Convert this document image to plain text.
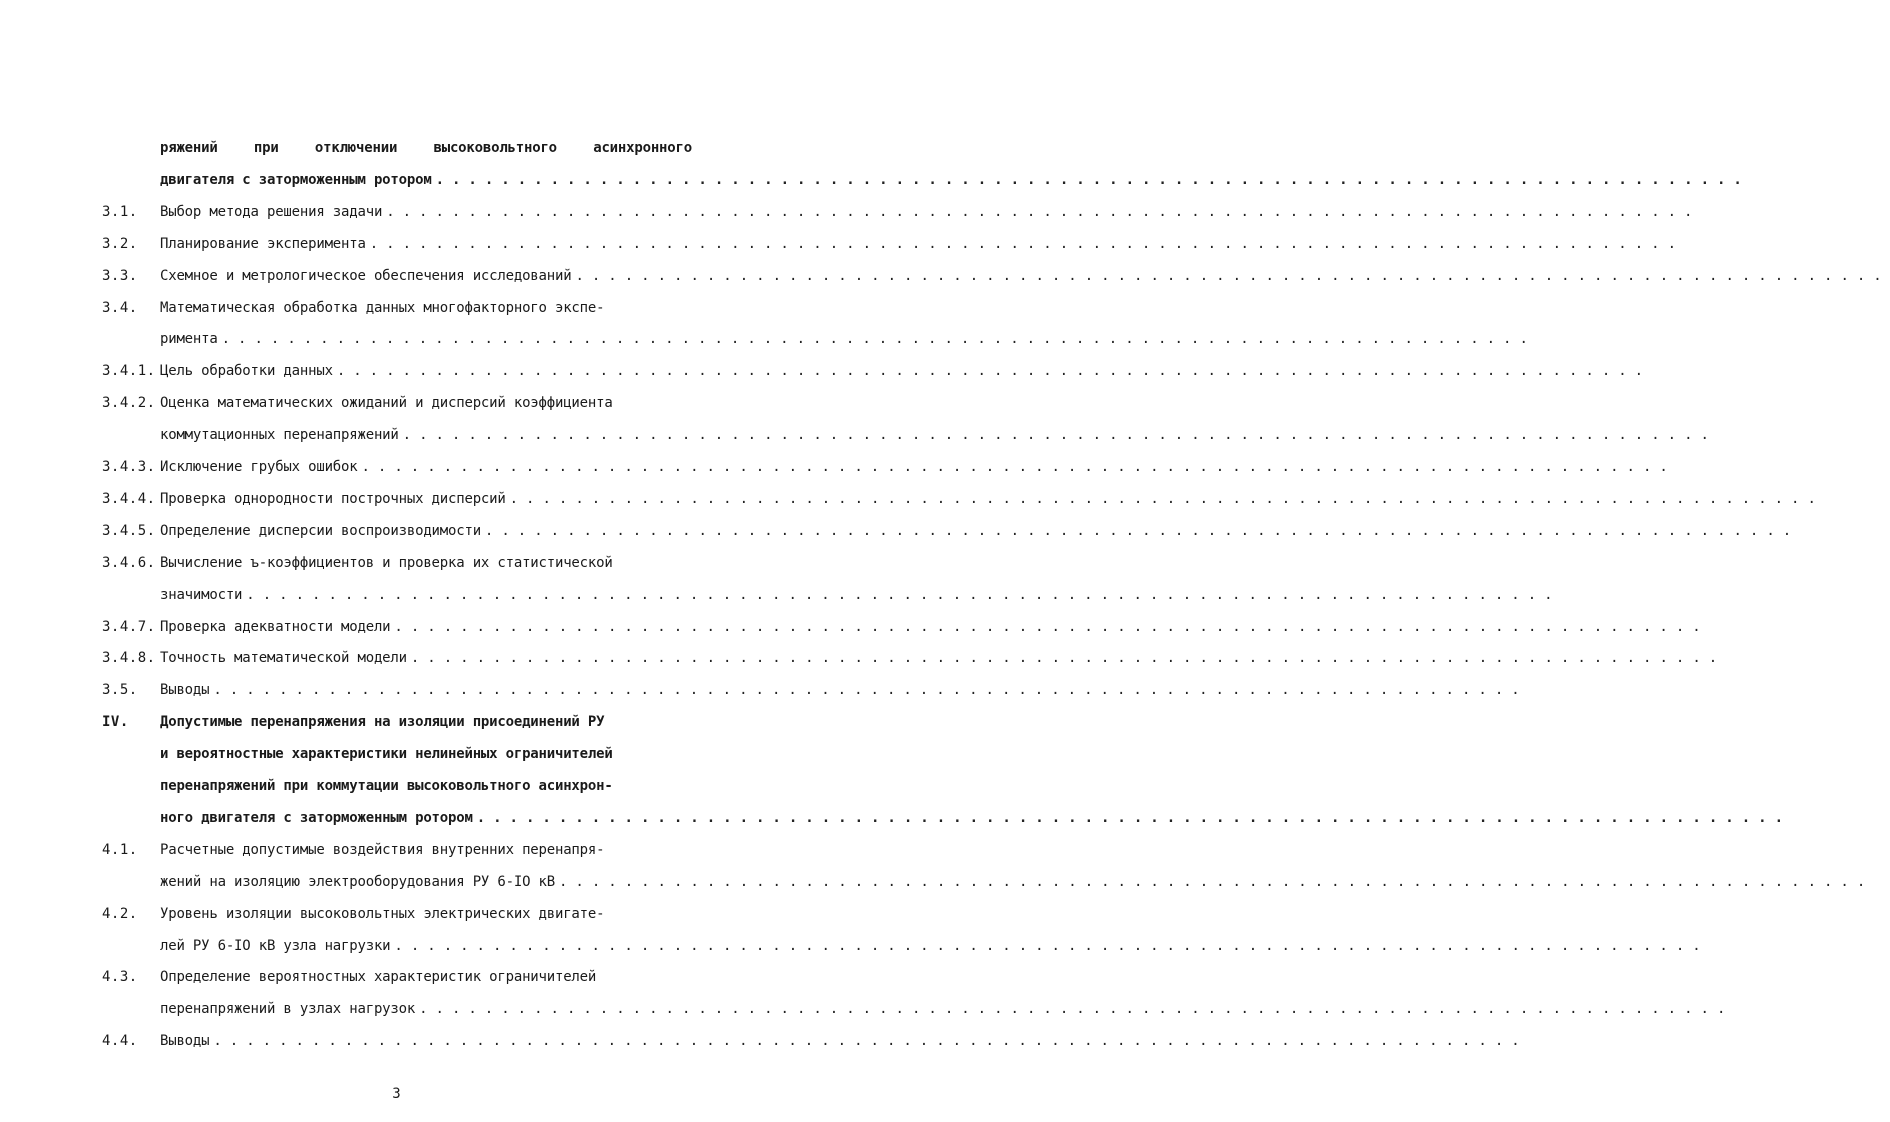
ряжений	при	отключении	высоковольтного	асинхронного
двигателя с заторможенным ротором ................................................................................
3.1.	Выбор метода решения задачи ................................................................................
3.2.	Планирование эксперимента ................................................................................
3.3.	Схемное и метрологическое обеспечения исследований ................................................................................
3.4.	Математическая обработка данных многофакторного экспе-
римента ................................................................................
3.4.1. Цель обработки данных ................................................................................
3.4.2. Оценка математических ожиданий и дисперсий коэффициента
коммутационных перенапряжений ................................................................................
3.4.3. Исключение грубых ошибок ................................................................................
3.4.4. Проверка однородности построчных дисперсий ................................................................................
3.4.5. Определение дисперсии воспроизводимости ................................................................................
3.4.6. Вычисление ъ-коэффициентов и проверка их статистической
значимости ................................................................................
3.4.7. Проверка адекватности модели ................................................................................
3.4.8. Точность математической модели ................................................................................
3.5.	Выводы ................................................................................
IV.	Допустимые перенапряжения на изоляции присоединений РУ
и вероятностные характеристики нелинейных ограничителей
перенапряжений при коммутации высоковольтного асинхрон-
ного двигателя с заторможенным ротором ................................................................................
4.1.	Расчетные допустимые воздействия внутренних перенапря-
жений на изоляцию электрооборудования РУ 6-IO кВ ................................................................................
4.2.	Уровень изоляции высоковольтных электрических двигате-
лей РУ 6-IO кВ узла нагрузки ................................................................................
4.3.	Определение вероятностных характеристик ограничителей
перенапряжений в узлах нагрузок ................................................................................
4.4.	Выводы ................................................................................
3
